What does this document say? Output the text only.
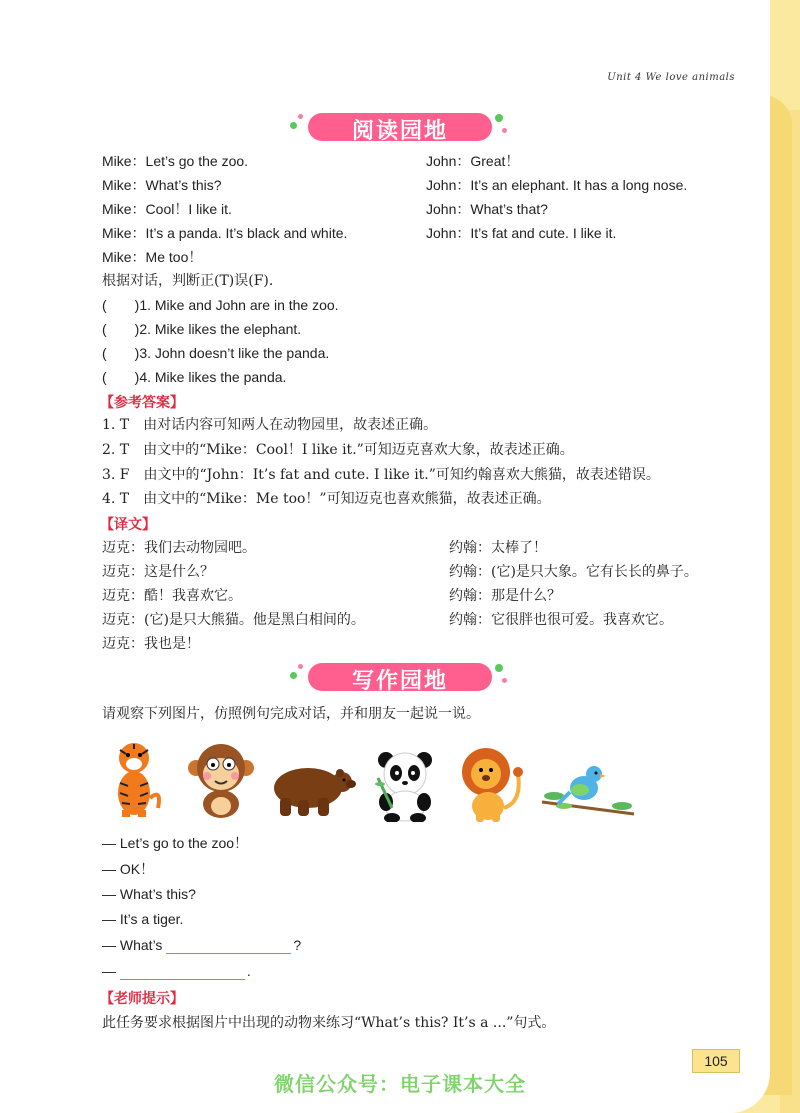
Unit 4 We love animals
阅读园地
Mike：Let’s go the zoo.
Mike：What’s this?
Mike：Cool！I like it.
Mike：It’s a panda. It’s black and white.
Mike：Me too！
John：Great！
John：It’s an elephant. It has a long nose.
John：What’s that?
John：It’s fat and cute. I like it.
根据对话，判断正(T)误(F).
(　　)1. Mike and John are in the zoo.
(　　)2. Mike likes the elephant.
(　　)3. John doesn’t like the panda.
(　　)4. Mike likes the panda.
【参考答案】
1. T　由对话内容可知两人在动物园里，故表述正确。
2. T　由文中的“Mike：Cool！I like it.”可知迈克喜欢大象，故表述正确。
3. F　由文中的“John：It’s fat and cute. I like it.”可知约翰喜欢大熊猫，故表述错误。
4. T　由文中的“Mike：Me too！”可知迈克也喜欢熊猫，故表述正确。
【译文】
迈克：我们去动物园吧。
迈克：这是什么？
迈克：酷！我喜欢它。
迈克：(它)是只大熊猫。他是黑白相间的。
迈克：我也是！
约翰：太棒了！
约翰：(它)是只大象。它有长长的鼻子。
约翰：那是什么？
约翰：它很胖也很可爱。我喜欢它。
写作园地
请观察下列图片，仿照例句完成对话，并和朋友一起说一说。
— Let’s go to the zoo！
— OK！
— What’s this?
— It’s a tiger.
— What’s	?
—	.
【老师提示】
此任务要求根据图片中出现的动物来练习“What’s this? It’s a ...”句式。
105
微信公众号：电子课本大全
